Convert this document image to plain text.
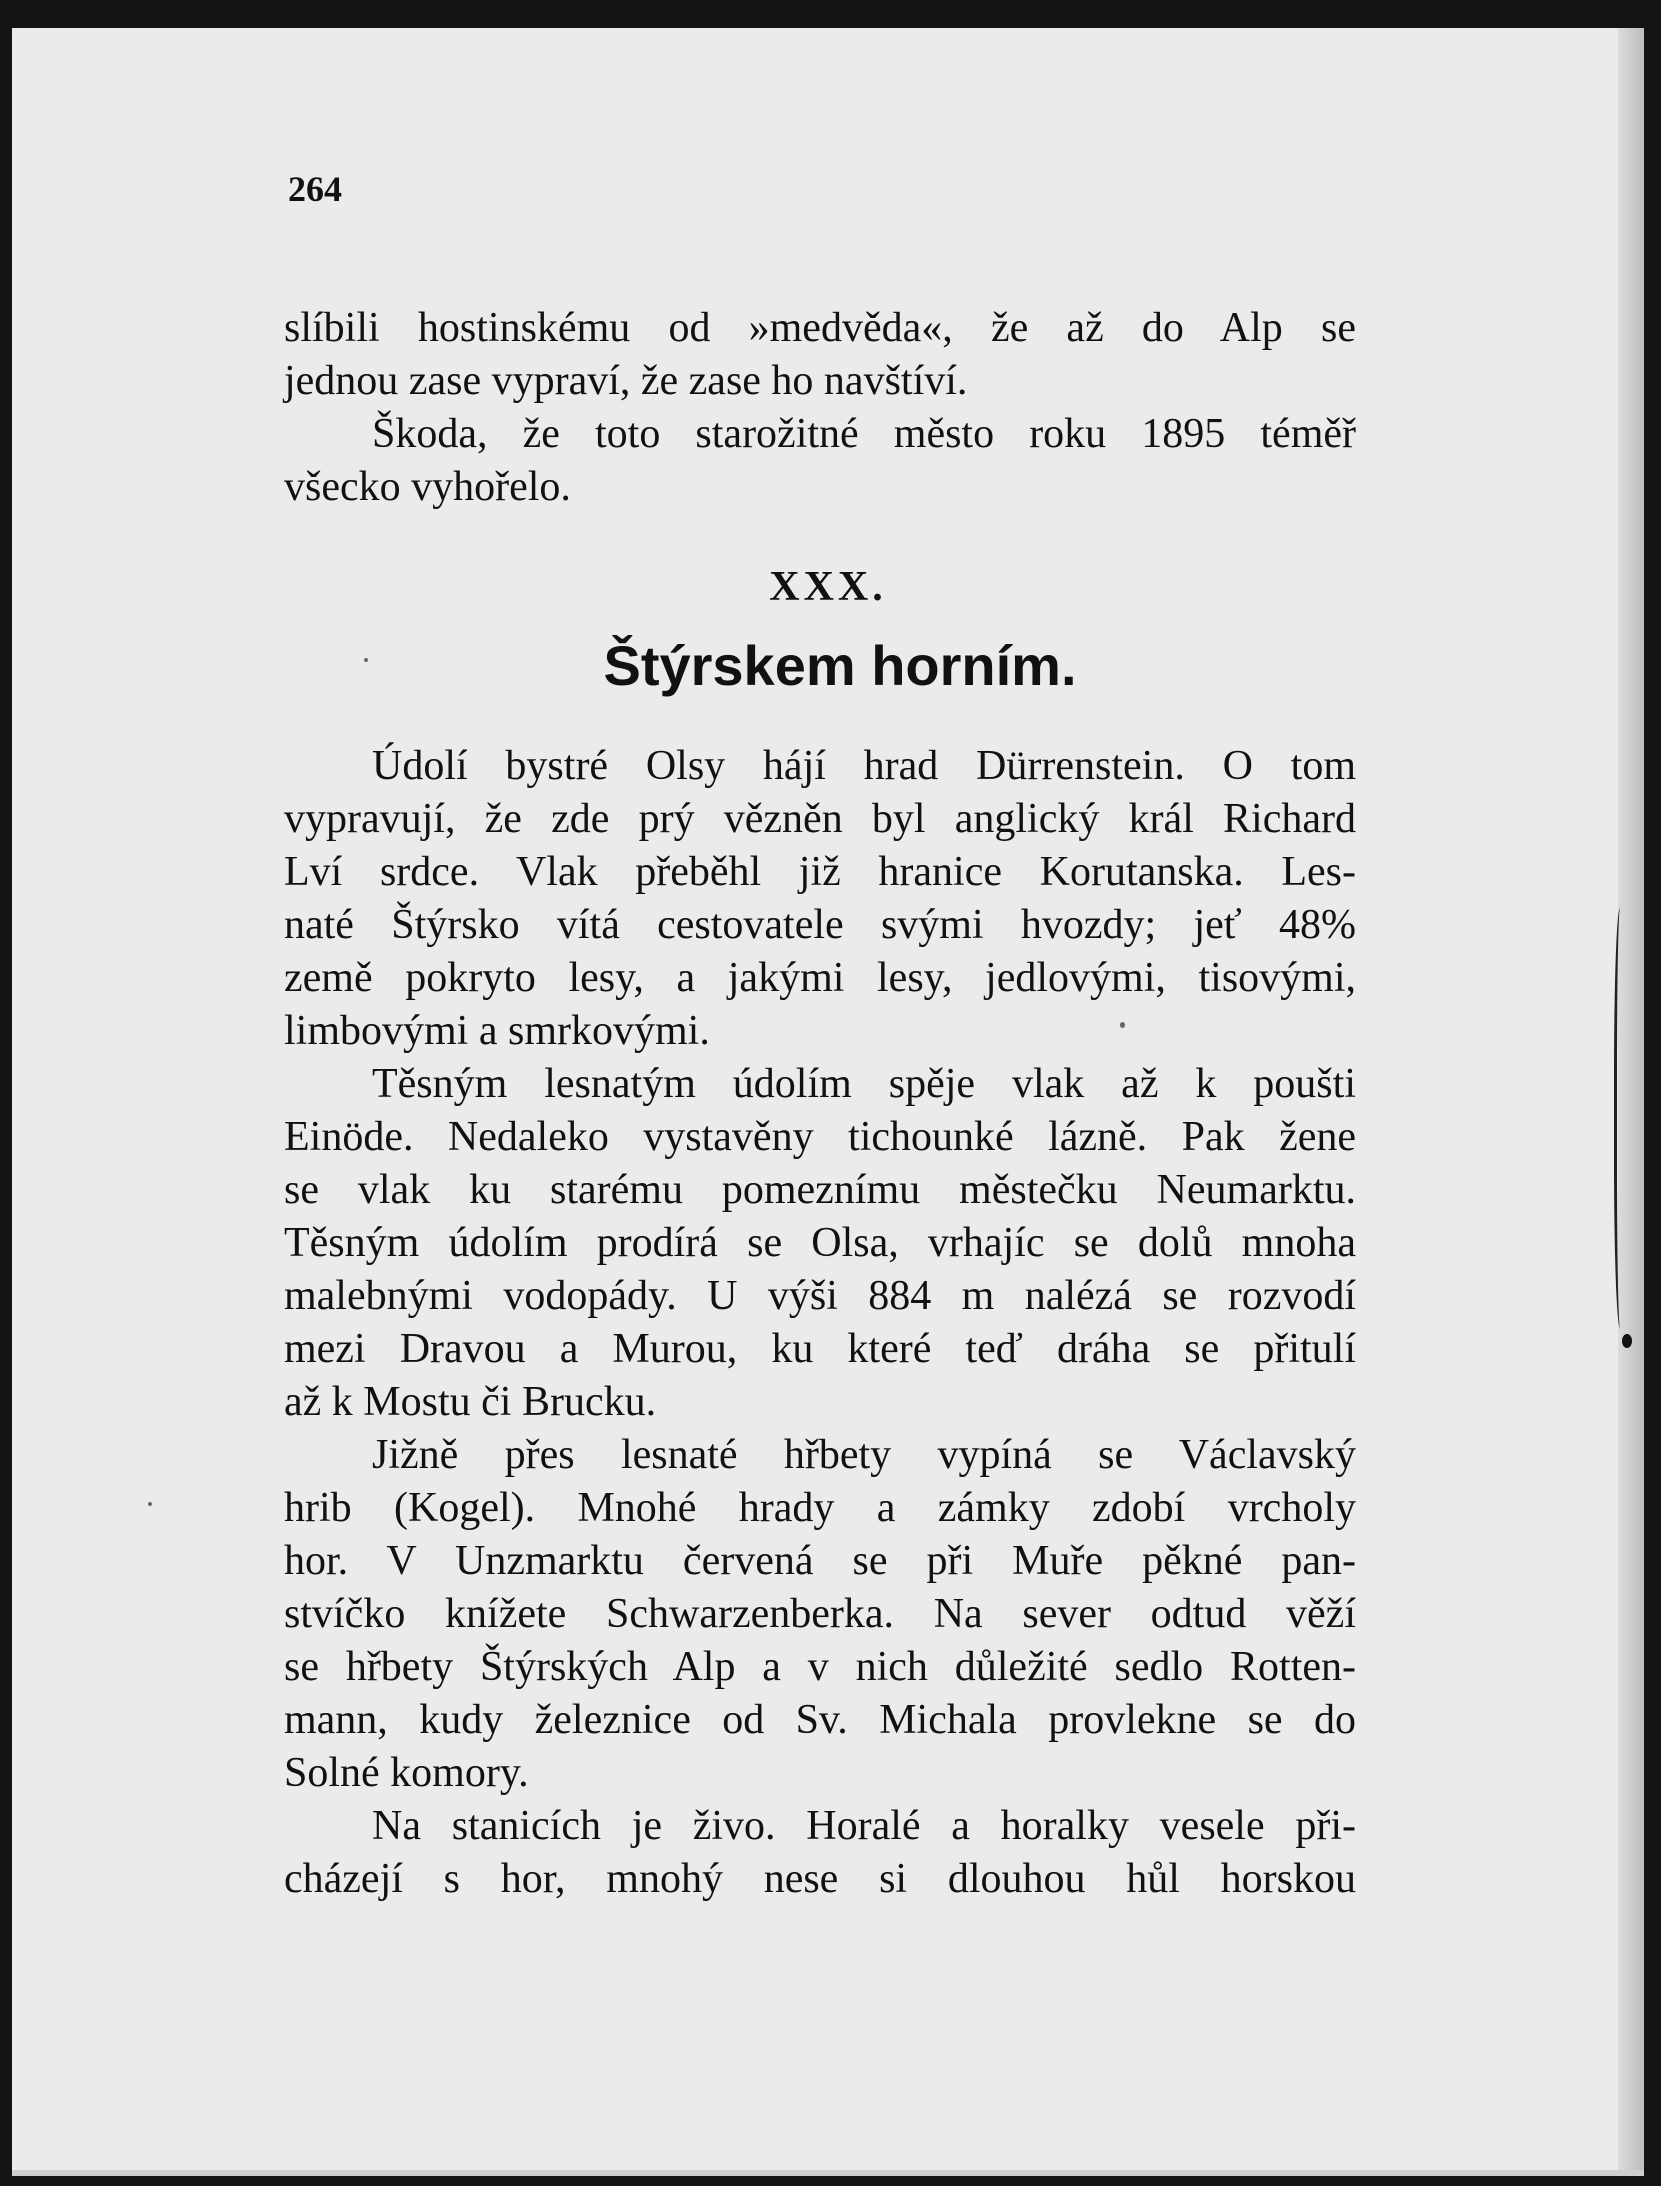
264

slíbili hostinskému od »medvěda«, že až do Alp se
jednou zase vypraví, že zase ho navštíví.
Škoda, že toto starožitné město roku 1895 téměř
všecko vyhořelo.
XXX.
Štýrskem horním.
Údolí bystré Olsy hájí hrad Dürrenstein. O tom
vypravují, že zde prý vězněn byl anglický král Richard
Lví srdce. Vlak přeběhl již hranice Korutanska. Les-
naté Štýrsko vítá cestovatele svými hvozdy; jeť 48%
země pokryto lesy, a jakými lesy, jedlovými, tisovými,
limbovými a smrkovými.
Těsným lesnatým údolím spěje vlak až k poušti
Einöde. Nedaleko vystavěny tichounké lázně. Pak žene
se vlak ku starému pomeznímu městečku Neumarktu.
Těsným údolím prodírá se Olsa, vrhajíc se dolů mnoha
malebnými vodopády. U výši 884 m nalézá se rozvodí
mezi Dravou a Murou, ku které teď dráha se přitulí
až k Mostu či Brucku.
Jižně přes lesnaté hřbety vypíná se Václavský
hrib (Kogel). Mnohé hrady a zámky zdobí vrcholy
hor. V Unzmarktu červená se při Muře pěkné pan-
stvíčko knížete Schwarzenberka. Na sever odtud věží
se hřbety Štýrských Alp a v nich důležité sedlo Rotten-
mann, kudy železnice od Sv. Michala provlekne se do
Solné komory.
Na stanicích je živo. Horalé a horalky vesele při-
cházejí s hor, mnohý nese si dlouhou hůl horskou
